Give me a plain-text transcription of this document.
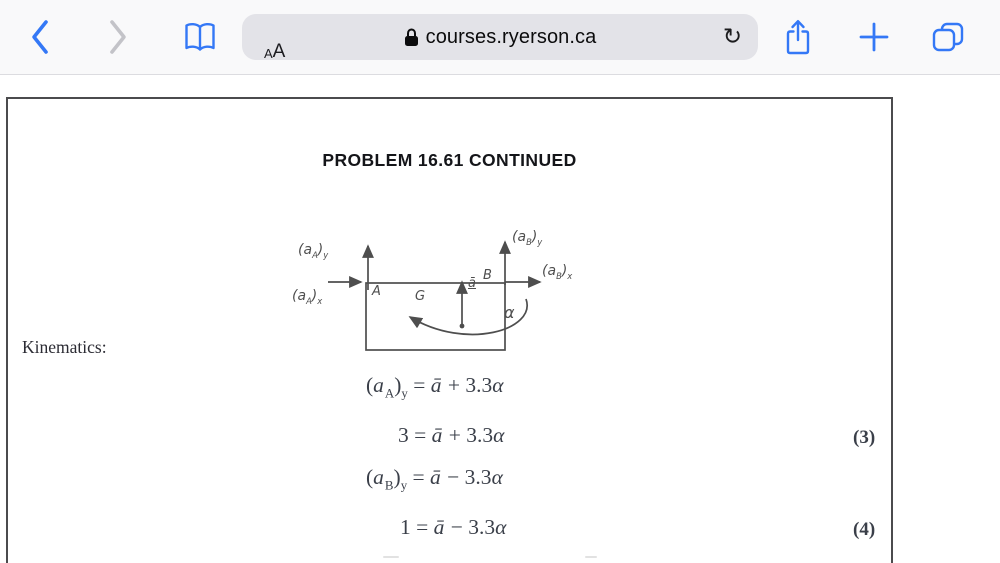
A A
courses.ryerson.ca	↻
PROBLEM 16.61 CONTINUED
Kinematics:
$(a_A)_y$
$(a_A)_x$
$(a_B)_y$
$(a_B)_x$
A
B
G
ā
α
$(a_A)_y$ = ā + 3.3α
3 = ā + 3.3α
$(a_B)_y$ = ā − 3.3α
1 = ā − 3.3α
(3)
(4)
